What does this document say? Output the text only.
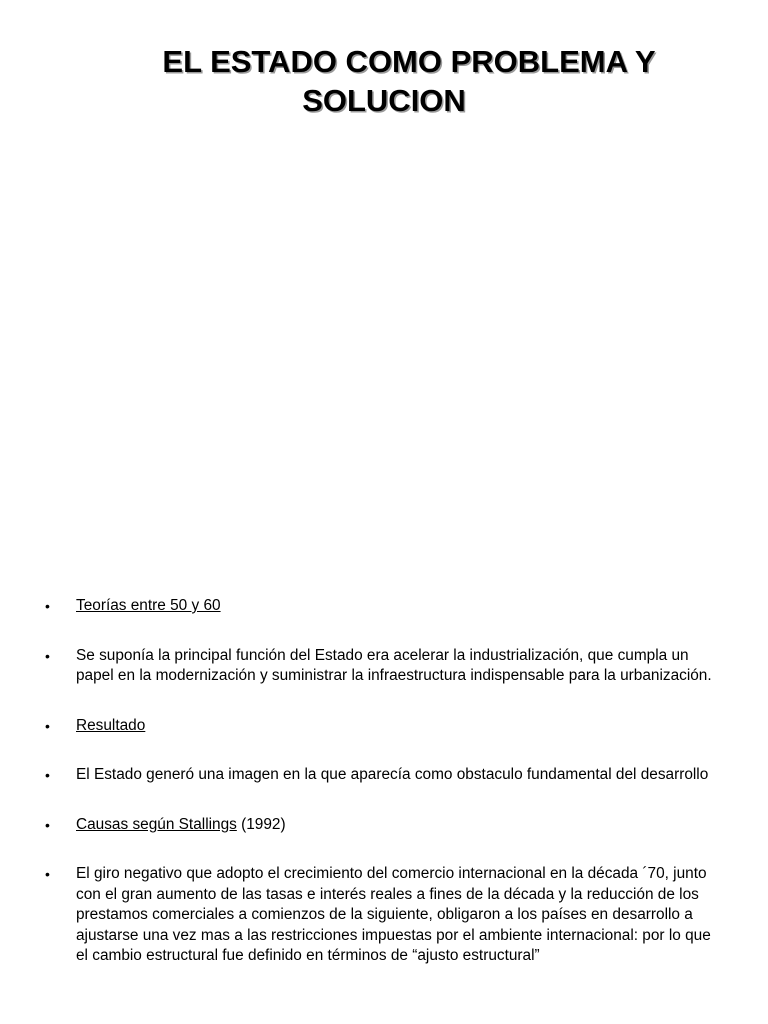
EL ESTADO COMO PROBLEMA Y
SOLUCION
• Teorías entre 50 y 60
• Se suponía la principal función del Estado era acelerar la industrialización, que cumpla un papel en la modernización y suministrar la infraestructura indispensable para la urbanización.
• Resultado
• El Estado generó una imagen en la que aparecía como obstaculo fundamental del desarrollo
• Causas según Stallings (1992)
• El giro negativo que adopto el crecimiento del comercio internacional en la década ´70, junto con el gran aumento de las tasas e interés reales a fines de la década y la reducción de los prestamos comerciales a comienzos de la siguiente, obligaron a los países en desarrollo a ajustarse una vez mas a las restricciones impuestas por el ambiente internacional: por lo que el cambio estructural fue definido en términos de “ajusto estructural”
